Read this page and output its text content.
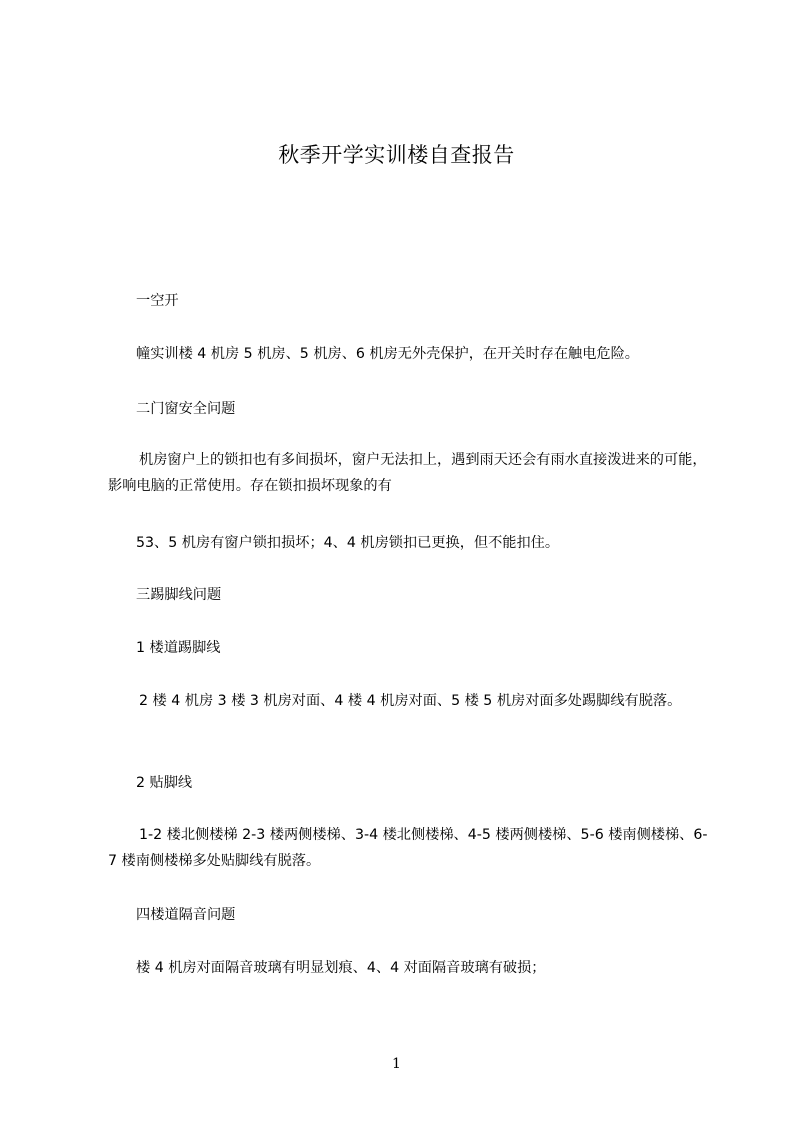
秋季开学实训楼自查报告

一空开

幢实训楼 4 机房 5 机房、5 机房、6 机房无外壳保护，在开关时存在触电危险。

二门窗安全问题

机房窗户上的锁扣也有多间损坏，窗户无法扣上，遇到雨天还会有雨水直接泼进来的可能，影响电脑的正常使用。存在锁扣损坏现象的有

53、5 机房有窗户锁扣损坏；4、4 机房锁扣已更换，但不能扣住。

三踢脚线问题

1 楼道踢脚线

2 楼 4 机房 3 楼 3 机房对面、4 楼 4 机房对面、5 楼 5 机房对面多处踢脚线有脱落。

2 贴脚线

1-2 楼北侧楼梯 2-3 楼两侧楼梯、3-4 楼北侧楼梯、4-5 楼两侧楼梯、5-6 楼南侧楼梯、6-7 楼南侧楼梯多处贴脚线有脱落。

四楼道隔音问题

楼 4 机房对面隔音玻璃有明显划痕、4、4 对面隔音玻璃有破损；

1
